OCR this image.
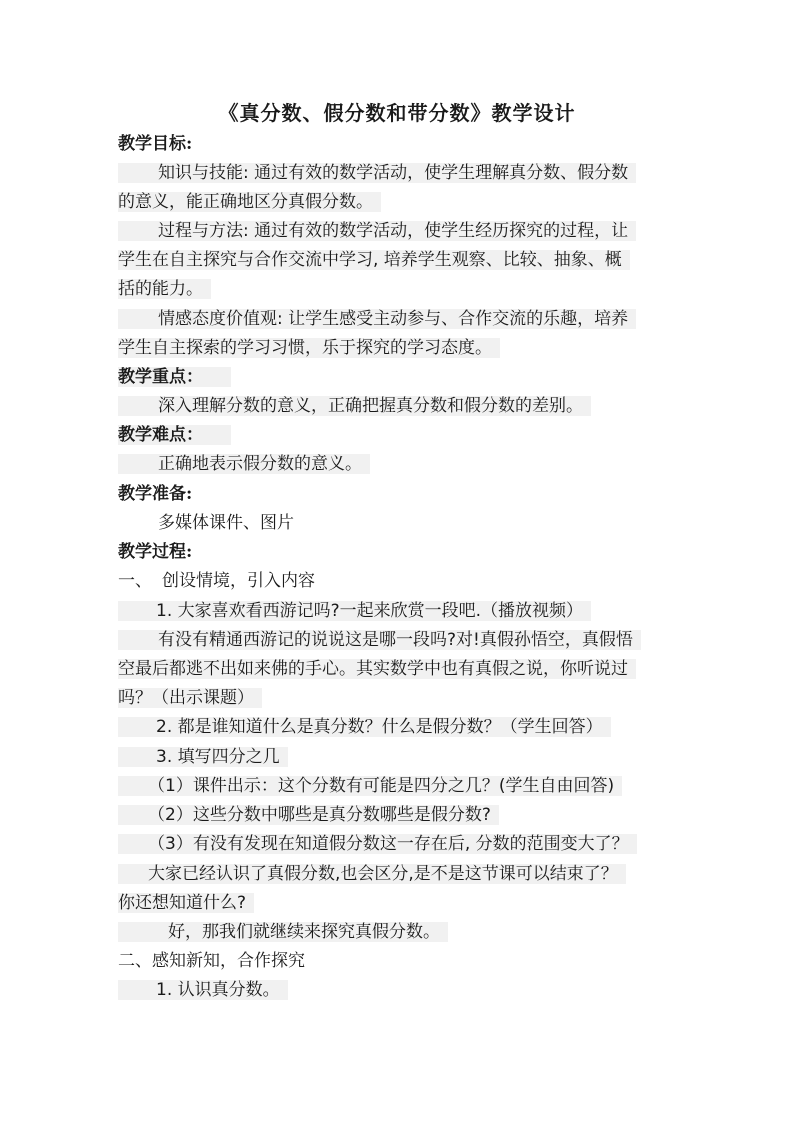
《真分数、假分数和带分数》教学设计
教学目标:
知识与技能: 通过有效的数学活动，使学生理解真分数、假分数
的意义，能正确地区分真假分数。
过程与方法: 通过有效的数学活动，使学生经历探究的过程，让
学生在自主探究与合作交流中学习, 培养学生观察、比较、抽象、概
括的能力。
情感态度价值观: 让学生感受主动参与、合作交流的乐趣，培养
学生自主探索的学习习惯，乐于探究的学习态度。
教学重点：
深入理解分数的意义，正确把握真分数和假分数的差别。
教学难点：
正确地表示假分数的意义。
教学准备:
多媒体课件、图片
教学过程:
一、 创设情境，引入内容
1. 大家喜欢看西游记吗?一起来欣赏一段吧.（播放视频）
有没有精通西游记的说说这是哪一段吗?对!真假孙悟空，真假悟
空最后都逃不出如来佛的手心。其实数学中也有真假之说，你听说过
吗？（出示课题）
2. 都是谁知道什么是真分数？什么是假分数？（学生回答）
3. 填写四分之几
（1）课件出示：这个分数有可能是四分之几？(学生自由回答)
（2）这些分数中哪些是真分数哪些是假分数?
（3）有没有发现在知道假分数这一存在后, 分数的范围变大了？
大家已经认识了真假分数,也会区分,是不是这节课可以结束了？
你还想知道什么?
好，那我们就继续来探究真假分数。
二、感知新知，合作探究
1. 认识真分数。
